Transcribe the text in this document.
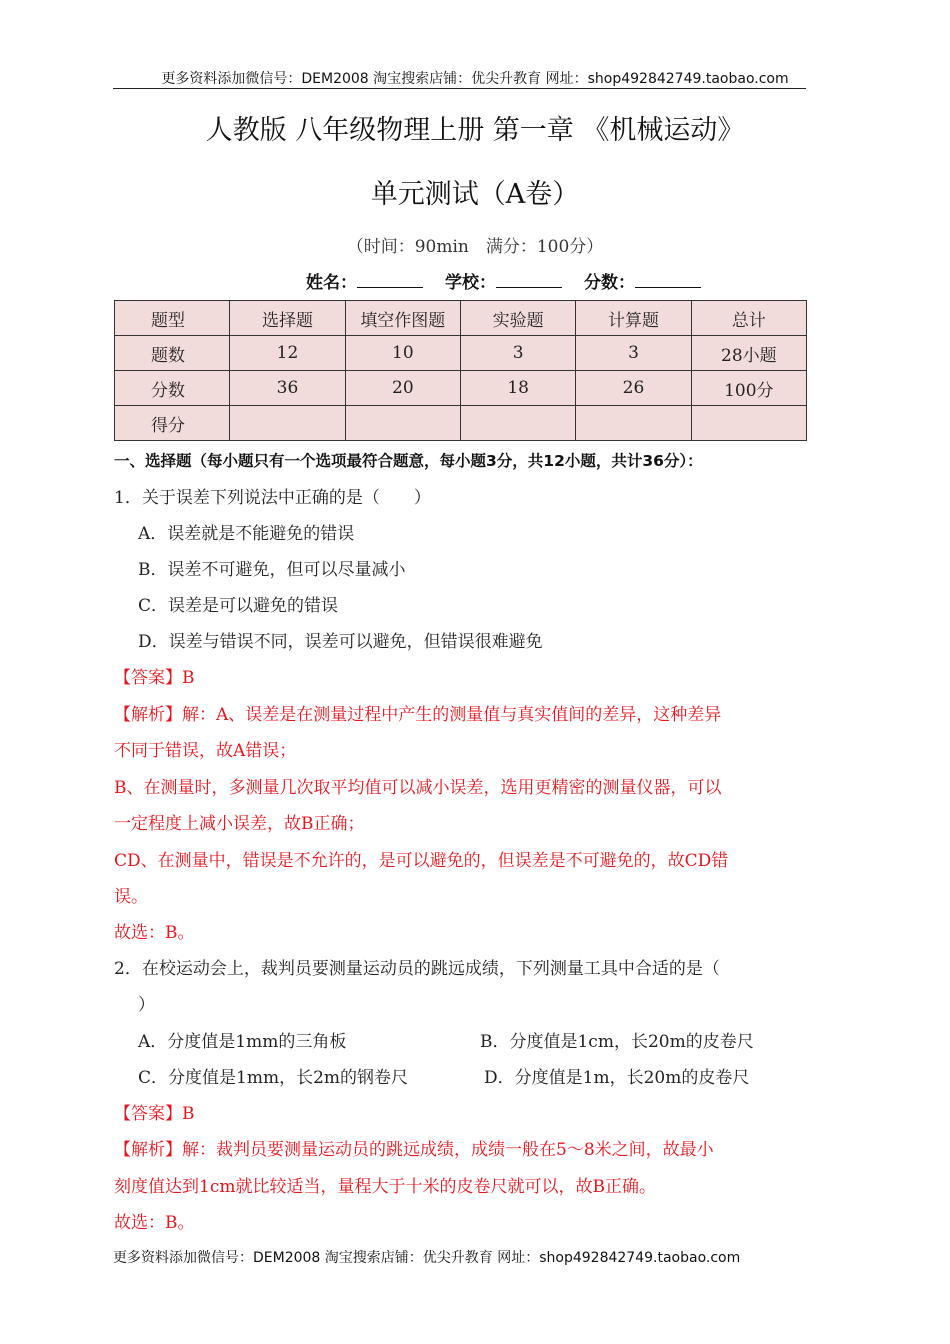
更多资料添加微信号：DEM2008 淘宝搜索店铺：优尖升教育 网址：shop492842749.taobao.com
人教版 八年级物理上册 第一章 《机械运动》
单元测试（A卷）
（时间：90min　满分：100分）
姓名：	学校：	分数：
题型	选择题	填空作图题	实验题	计算题	总计
题数	12	10	3	3	28小题
分数	36	20	18	26	100分
得分					
一、选择题（每小题只有一个选项最符合题意，每小题3分，共12小题，共计36分）：
1．关于误差下列说法中正确的是（　　）
A．误差就是不能避免的错误
B．误差不可避免，但可以尽量减小
C．误差是可以避免的错误
D．误差与错误不同，误差可以避免，但错误很难避免
【答案】B
【解析】解：A、误差是在测量过程中产生的测量值与真实值间的差异，这种差异
不同于错误，故A错误；
B、在测量时，多测量几次取平均值可以减小误差，选用更精密的测量仪器，可以
一定程度上减小误差，故B正确；
CD、在测量中，错误是不允许的，是可以避免的，但误差是不可避免的，故CD错
误。
故选：B。
2．在校运动会上，裁判员要测量运动员的跳远成绩，下列测量工具中合适的是（
）
A．分度值是1mm的三角板	B．分度值是1cm，长20m的皮卷尺
C．分度值是1mm，长2m的钢卷尺	D．分度值是1m，长20m的皮卷尺
【答案】B
【解析】解：裁判员要测量运动员的跳远成绩，成绩一般在5～8米之间，故最小
刻度值达到1cm就比较适当，量程大于十米的皮卷尺就可以，故B正确。
故选：B。
更多资料添加微信号：DEM2008 淘宝搜索店铺：优尖升教育 网址：shop492842749.taobao.com
